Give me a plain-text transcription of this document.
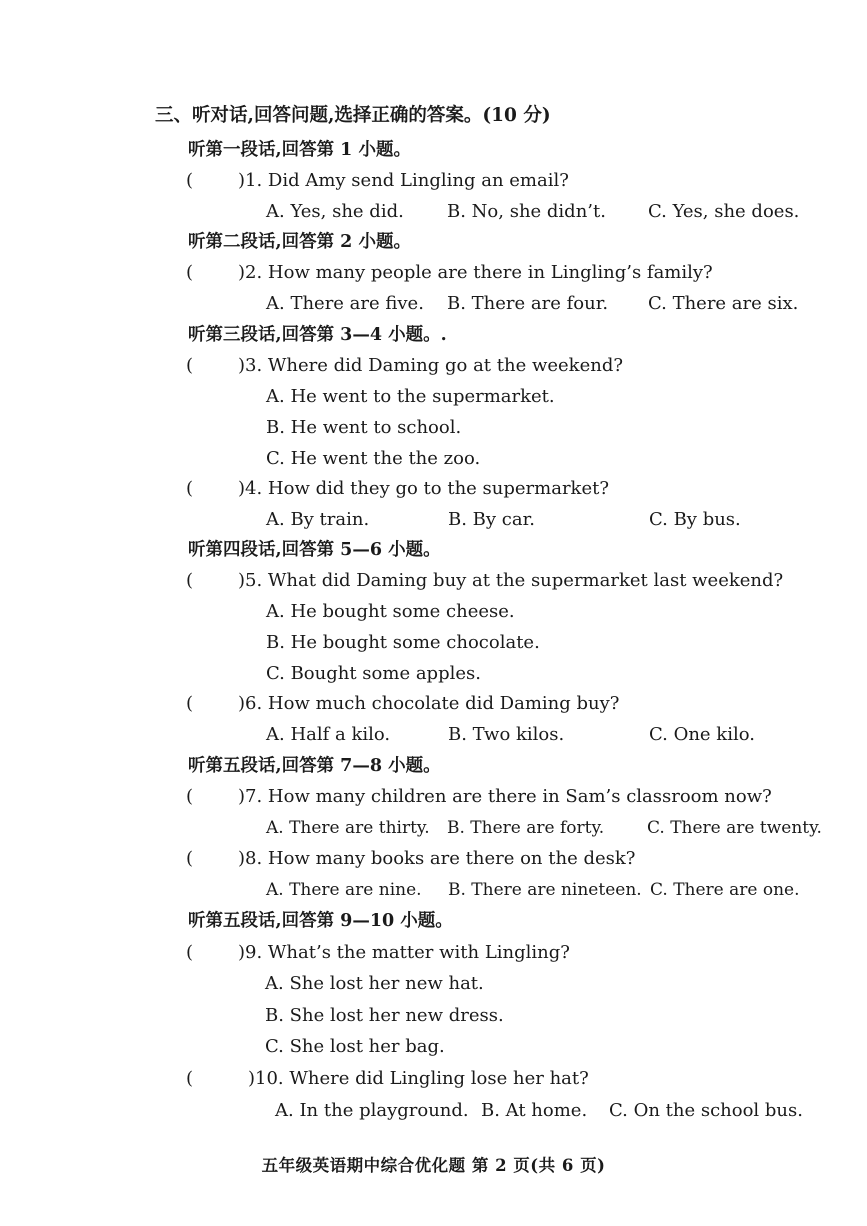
三、听对话,回答问题,选择正确的答案。(10 分)
听第一段话,回答第 1 小题。
( )1. Did Amy send Lingling an email?
A. Yes, she did. B. No, she didn’t. C. Yes, she does.
听第二段话,回答第 2 小题。
( )2. How many people are there in Lingling’s family?
A. There are five. B. There are four. C. There are six.
听第三段话,回答第 3—4 小题。.
( )3. Where did Daming go at the weekend?
A. He went to the supermarket.
B. He went to school.
C. He went the the zoo.
( )4. How did they go to the supermarket?
A. By train.	B. By car.	C. By bus.
听第四段话,回答第 5—6 小题。
( )5. What did Daming buy at the supermarket last weekend?
A. He bought some cheese.
B. He bought some chocolate.
C. Bought some apples.
( )6. How much chocolate did Daming buy?
A. Half a kilo.	B. Two kilos.	C. One kilo.
听第五段话,回答第 7—8 小题。
( )7. How many children are there in Sam’s classroom now?
A. There are thirty. B. There are forty.	C. There are twenty.
( )8. How many books are there on the desk?
A. There are nine. B. There are nineteen. C. There are one.
听第五段话,回答第 9—10 小题。
( )9. What’s the matter with Lingling?
A. She lost her new hat.
B. She lost her new dress.
C. She lost her bag.
(	)10. Where did Lingling lose her hat?
A. In the playground. B. At home. C. On the school bus.
五年级英语期中综合优化题 第 2 页(共 6 页)
